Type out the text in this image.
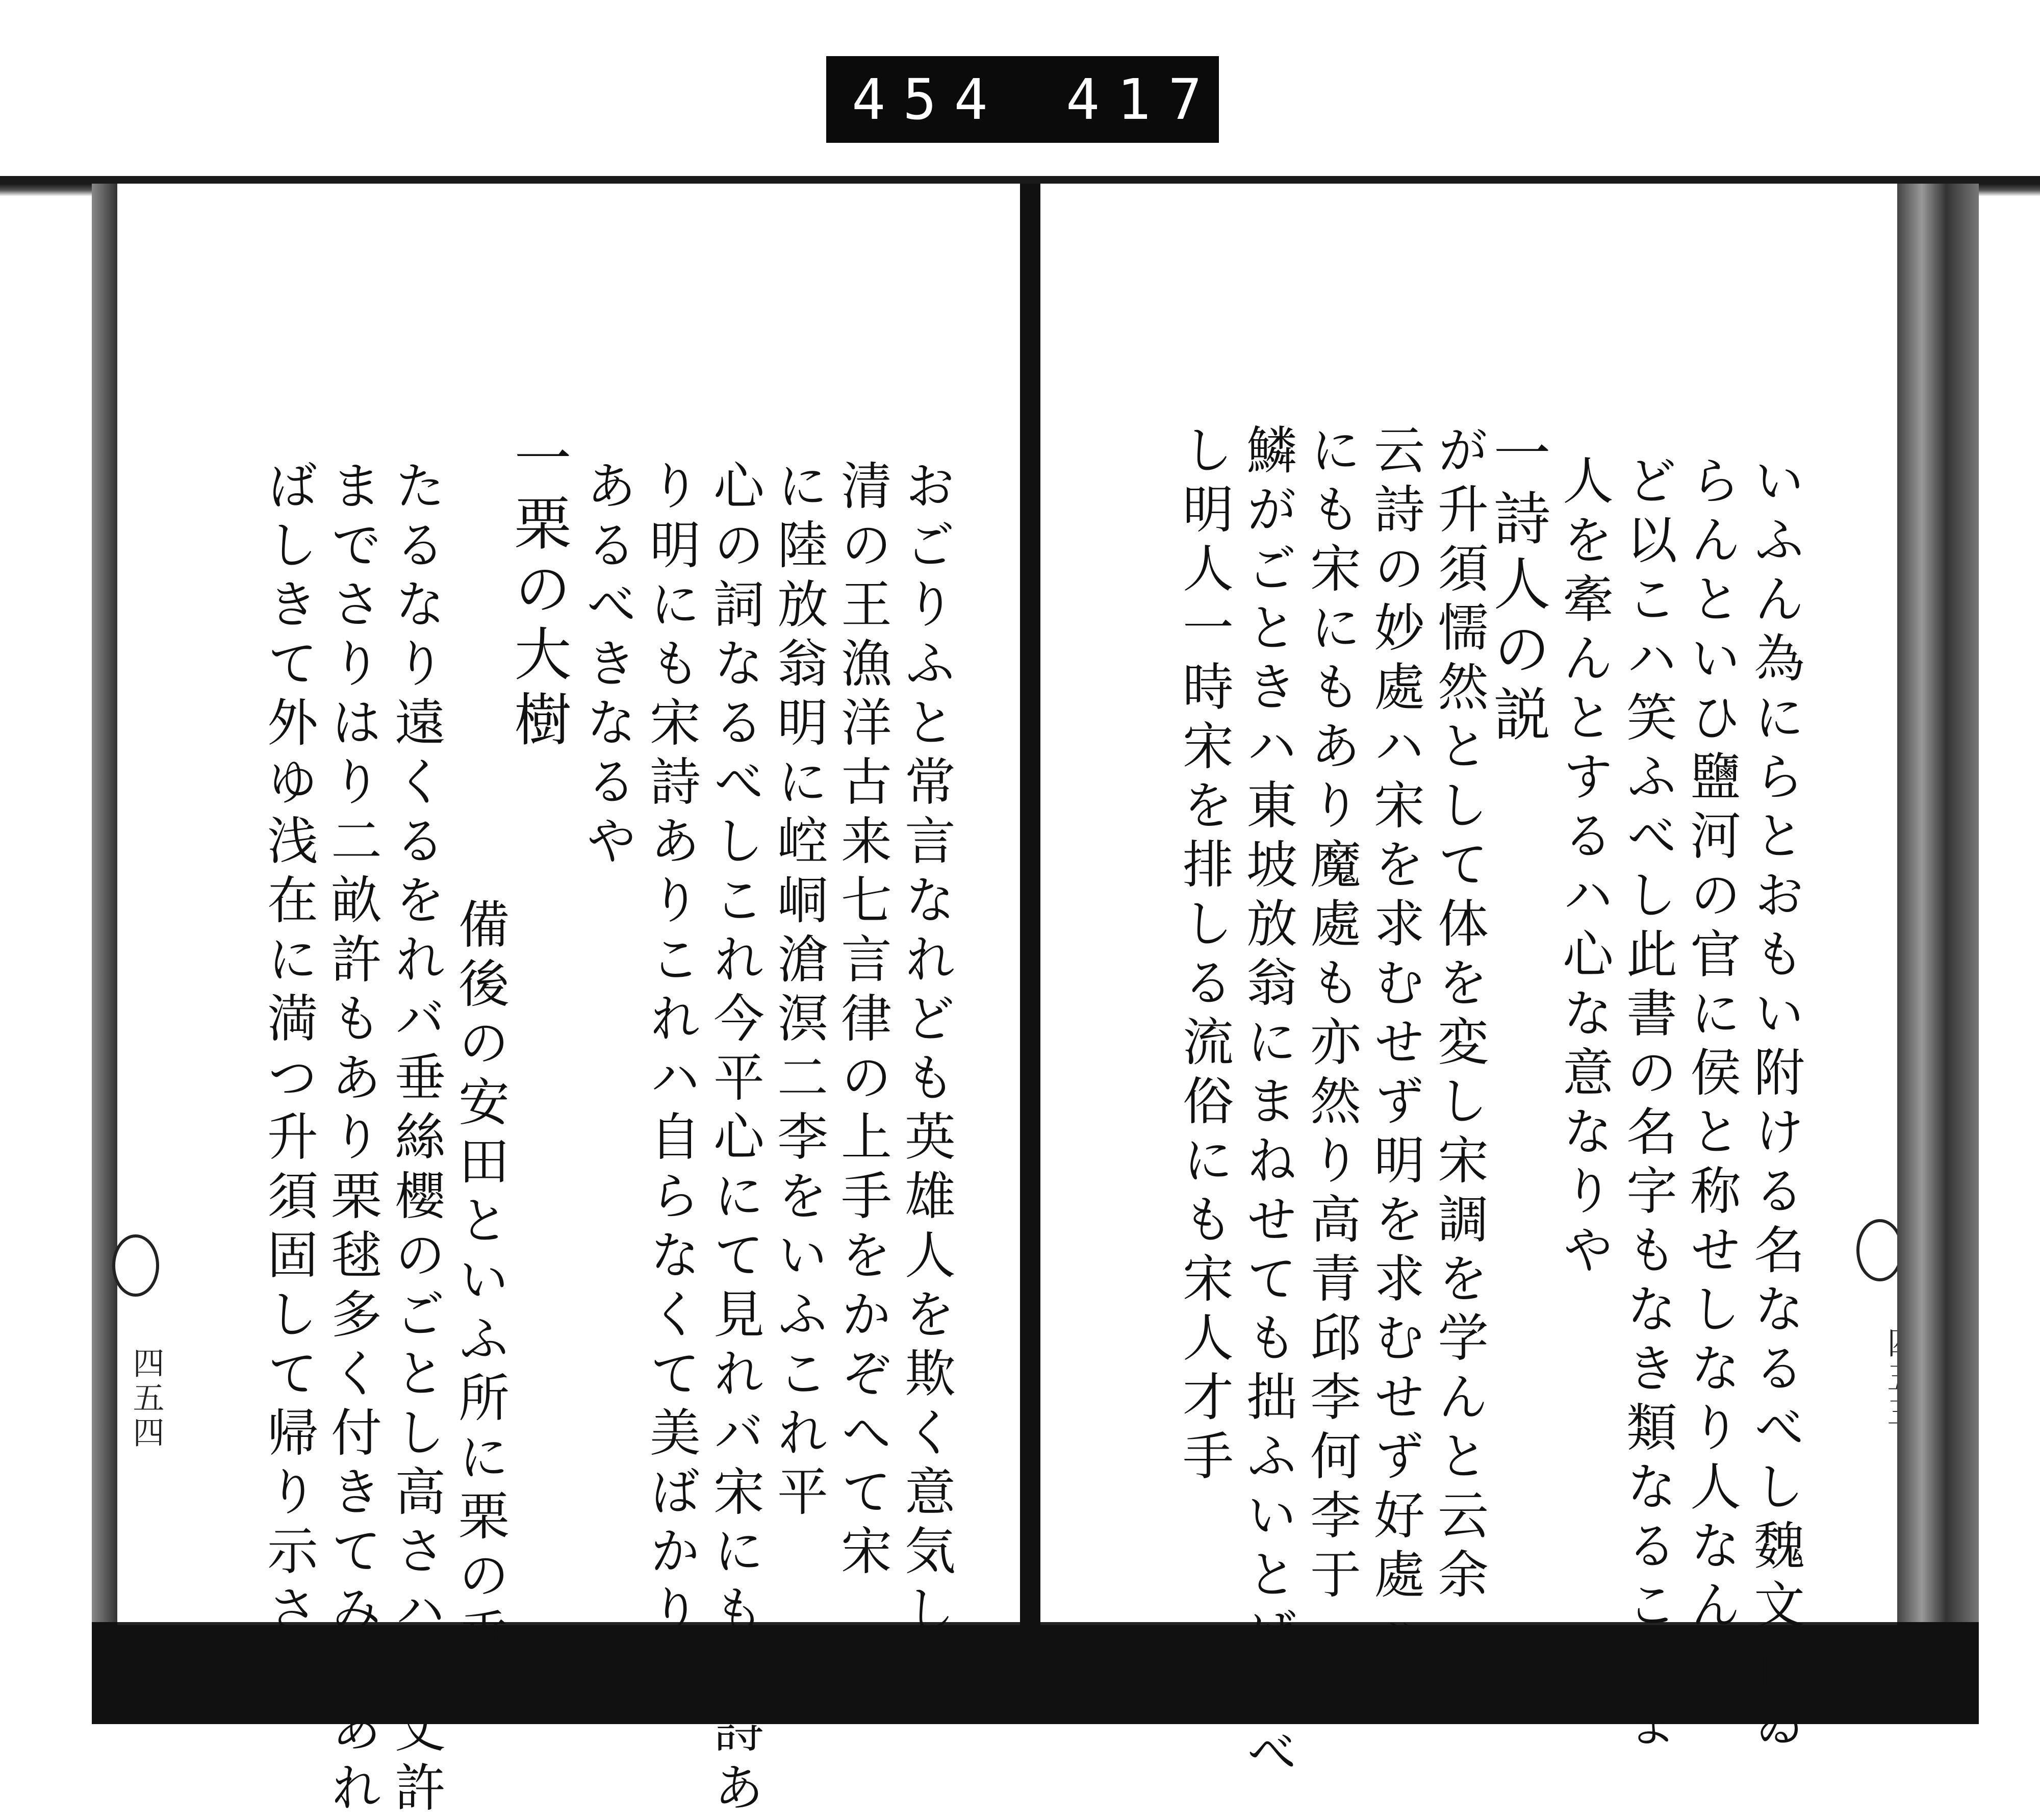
454 417
おごりふと常言なれども英雄人を欺く意気し
清の王漁洋古来七言律の上手をかぞへて宋
に陸放翁明に崆峒滄溟二李をいふこれ平
心の詞なるべしこれ今平心にて見れバ宋にも明詩あ
り明にも宋詩ありこれハ自らなくて美ばかり
あるべきなるや
一栗の大樹
備後の安田といふ所に栗の垂
たるなり遠くるをれバ垂絲櫻のごとし高さハ一丈許
までさりはり二畝許もあり栗毬多く付きてみるあれ
ばしきて外ゆ浅在に満つ升須固して帰り示さん
四五四	いふん為にらとおもい附ける名なるべし魏文侯ゐ
らんといひ鹽河の官に侯と称せしなり人なんな
ど以こハ笑ふべし此書の名字もなき類なることま
人を牽んとするハ心な意なりや
一詩人の説
が升須懦然として体を変し宋調を学んと云余
云詩の妙處ハ宋を求むせず明を求むせず好處ハ明
にも宋にもあり魔處も亦然り高青邱李何李于
鱗がごときハ東坡放翁にまねせても拙ふいとげるべ
し明人一時宋を排しる流俗にも宋人才手
